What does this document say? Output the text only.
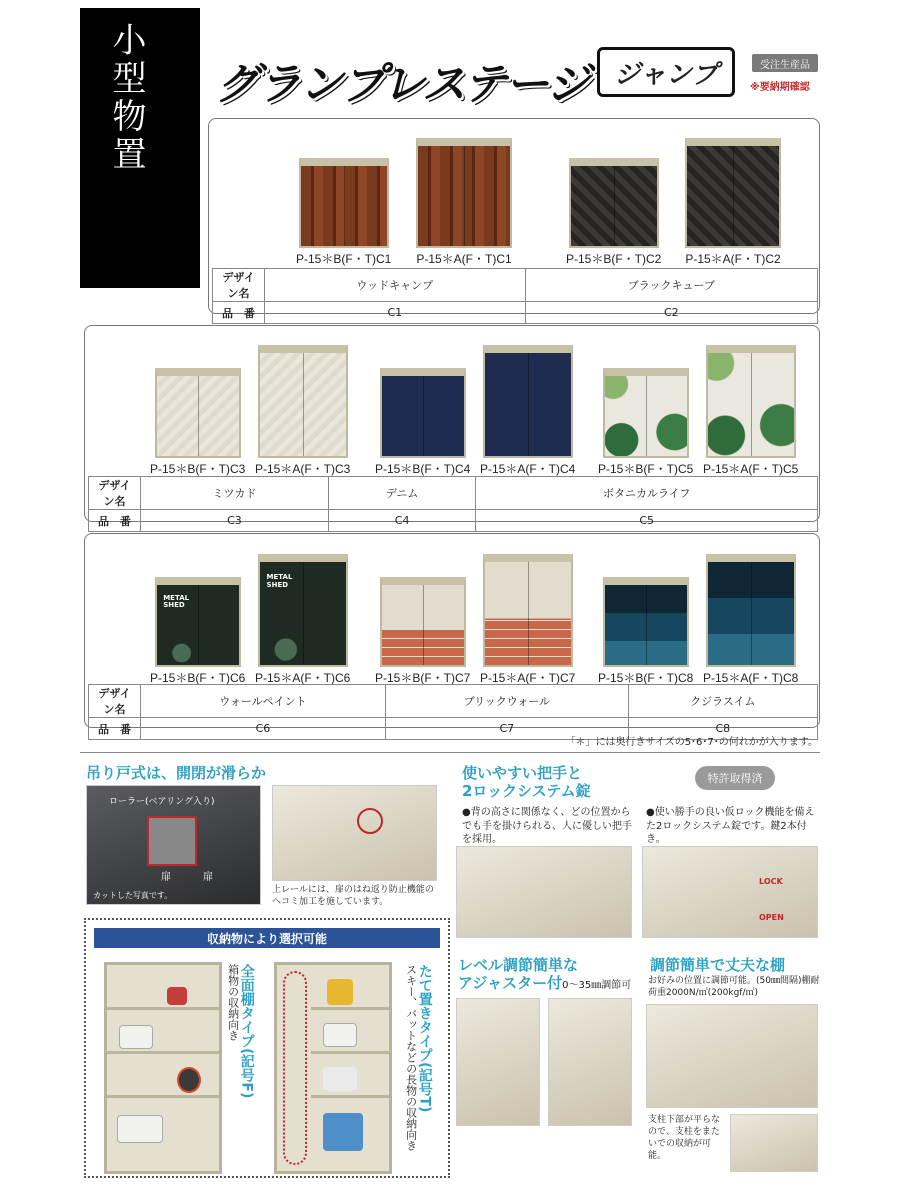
小型物置 グランプレステージ	ジャンプ	受注生産品
※要納期確認
P-15＊B(F・T)C1 P-15＊A(F・T)C1	P-15＊B(F・T)C2 P-15＊A(F・T)C2
デザイン名	ウッドキャンプ	ブラックキューブ
品　番	C1	C2
P-15＊B(F・T)C3 P-15＊A(F・T)C3 P-15＊B(F・T)C4 P-15＊A(F・T)C4 P-15＊B(F・T)C5 P-15＊A(F・T)C5
デザイン名	ミツカド	デニム	ボタニカルライフ
品　番	C3	C4	C5
METAL
SHED
P-15＊B(F・T)C6
METAL
SHED
P-15＊A(F・T)C6 P-15＊B(F・T)C7 P-15＊A(F・T)C7 P-15＊B(F・T)C8 P-15＊A(F・T)C8
デザイン名	ウォールペイント	ブリックウォール	クジラスイム
品　番	C6	C7	C8
「＊」には奥行きサイズの5･6･7･の何れかが入ります。
吊り戸式は、開閉が滑らか
ローラー(ベアリング入り)
扉	扉
カットした写真です。
上レールには、扉のはね返り防止機能のヘコミ加工を施しています。
使いやすい把手と
2ロックシステム錠
特許取得済
●背の高さに関係なく、どの位置からでも手を掛けられる、人に優しい把手を採用。
●使い勝手の良い仮ロック機能を備えた2ロックシステム錠です。鍵2本付き。
LOCK
OPEN
レベル調節簡単な
アジャスター付0～35㎜調節可
調節簡単で丈夫な棚
お好みの位置に調節可能。(50㎜間隔)棚耐荷重2000N/㎡(200kgf/㎡)
支柱下部が平らなので、支柱をまたいでの収納が可能。
収納物により選択可能
全面棚タイプ(記号F)
箱物の収納向き	たて置きタイプ(記号T)
スキー、バットなどの長物の収納向き
